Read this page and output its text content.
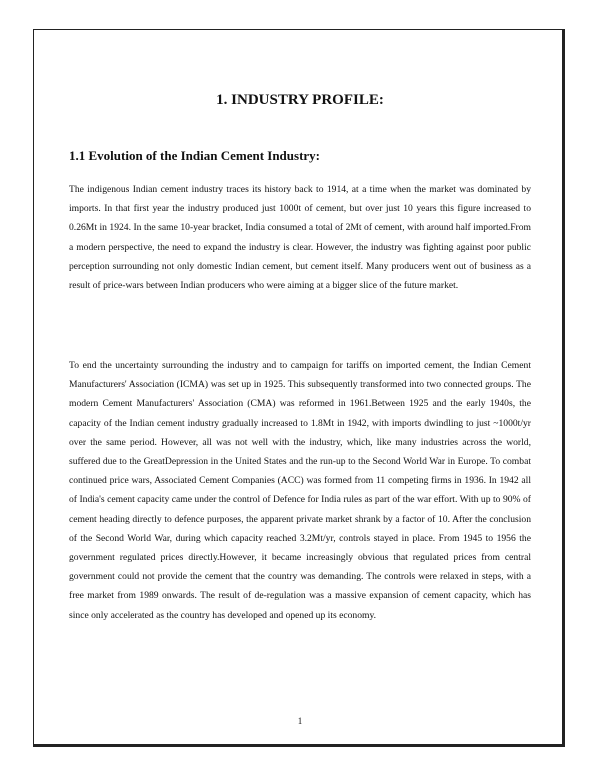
1. INDUSTRY PROFILE:
1.1 Evolution of the Indian Cement Industry:

The indigenous Indian cement industry traces its history back to 1914, at a time when the market was dominated by imports. In that first year the industry produced just 1000t of cement, but over just 10 years this figure increased to 0.26Mt in 1924. In the same 10-year bracket, India consumed a total of 2Mt of cement, with around half imported.From a modern perspective, the need to expand the industry is clear. However, the industry was fighting against poor public perception surrounding not only domestic Indian cement, but cement itself. Many producers went out of business as a result of price-wars between Indian producers who were aiming at a bigger slice of the future market.

To end the uncertainty surrounding the industry and to campaign for tariffs on imported cement, the Indian Cement Manufacturers' Association (ICMA) was set up in 1925. This subsequently transformed into two connected groups. The modern Cement Manufacturers' Association (CMA) was reformed in 1961.Between 1925 and the early 1940s, the capacity of the Indian cement industry gradually increased to 1.8Mt in 1942, with imports dwindling to just ~1000t/yr over the same period. However, all was not well with the industry, which, like many industries across the world, suffered due to the GreatDepression in the United States and the run-up to the Second World War in Europe. To combat continued price wars, Associated Cement Companies (ACC) was formed from 11 competing firms in 1936. In 1942 all of India's cement capacity came under the control of Defence for India rules as part of the war effort. With up to 90% of cement heading directly to defence purposes, the apparent private market shrank by a factor of 10. After the conclusion of the Second World War, during which capacity reached 3.2Mt/yr, controls stayed in place. From 1945 to 1956 the government regulated prices directly.However, it became increasingly obvious that regulated prices from central government could not provide the cement that the country was demanding. The controls were relaxed in steps, with a free market from 1989 onwards. The result of de-regulation was a massive expansion of cement capacity, which has since only accelerated as the country has developed and opened up its economy.

1
